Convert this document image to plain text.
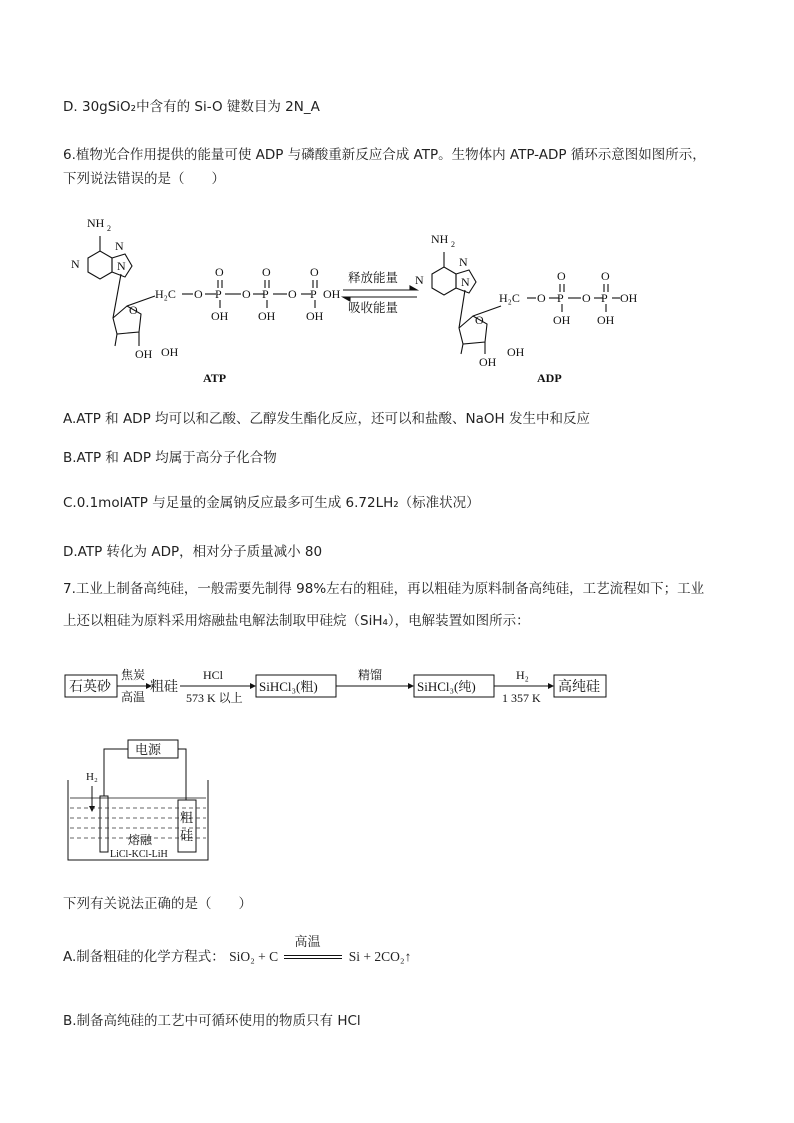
D. 30gSiO₂中含有的 Si-O 键数目为 2N_A
6.植物光合作用提供的能量可使 ADP 与磷酸重新反应合成 ATP。生物体内 ATP-ADP 循环示意图如图所示，
下列说法错误的是（　　）
NH 2
N
N
N
H₂C O P O P O P OH
O	O	O
OH OH	OH
O
OH OH
ATP
释放能量
吸收能量
NH 2
N
N
N
H₂C O P O P OH
O	O
OH OH
O
OH
OH
ADP
A.ATP 和 ADP 均可以和乙酸、乙醇发生酯化反应，还可以和盐酸、NaOH 发生中和反应
B.ATP 和 ADP 均属于高分子化合物
C.0.1molATP 与足量的金属钠反应最多可生成 6.72LH₂（标准状况）
D.ATP 转化为 ADP，相对分子质量减小 80
7.工业上制备高纯硅，一般需要先制得 98%左右的粗硅，再以粗硅为原料制备高纯硅，工艺流程如下；工业
上还以粗硅为原料采用熔融盐电解法制取甲硅烷（SiH₄），电解装置如图所示：
石英砂
焦炭
高温
粗硅
HCl
573 K 以上
SiHCl₃(粗)
精馏
SiHCl₃(纯)
H₂
1 357 K
高纯硅
电源
H₂
熔融
LiCl-KCl-LiH
粗
硅
下列有关说法正确的是（　　）
A.制备粗硅的化学方程式： SiO₂ + C
高温
Si + 2CO₂↑
B.制备高纯硅的工艺中可循环使用的物质只有 HCl
